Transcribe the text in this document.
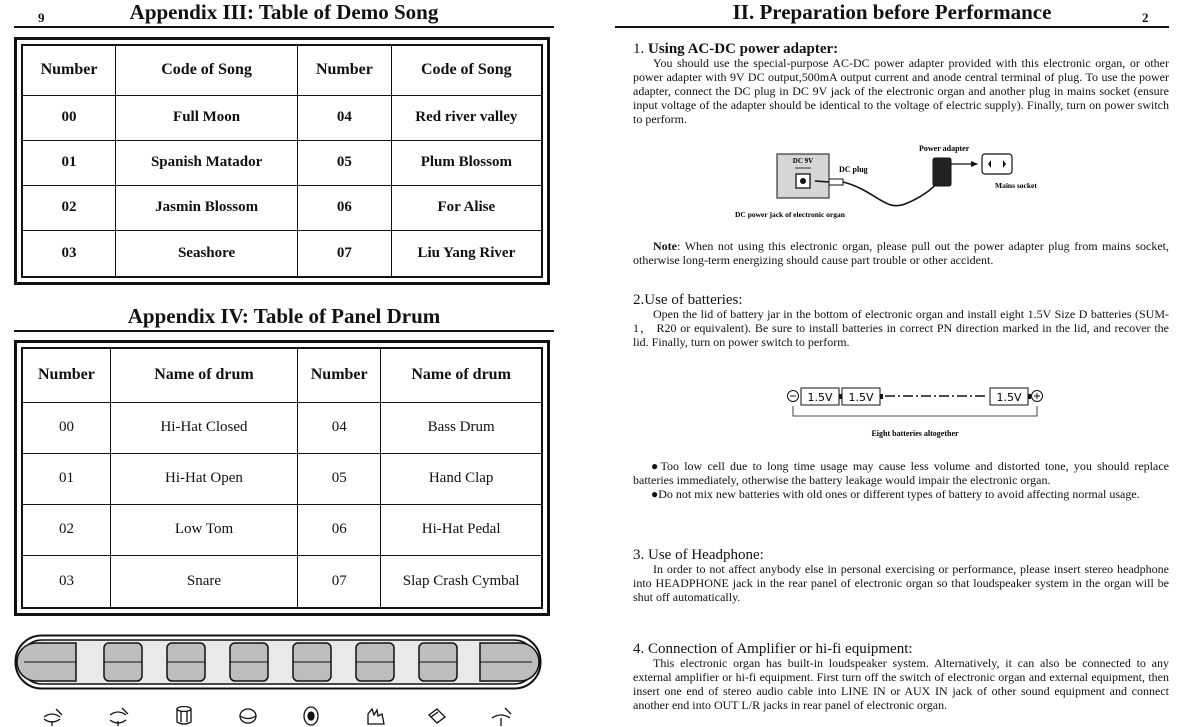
9	Appendix III: Table of Demo Song
Number	Code of Song	Number	Code of Song
00	Full Moon	04	Red river valley
01	Spanish Matador	05	Plum Blossom
02	Jasmin Blossom	06	For Alise
03	Seashore	07	Liu Yang River
Appendix IV: Table of Panel Drum
Number	Name of drum	Number	Name of drum
00	Hi-Hat Closed	04	Bass Drum
01	Hi-Hat Open	05	Hand Clap
02	Low Tom	06	Hi-Hat Pedal
03	Snare	07	Slap Crash Cymbal
II. Preparation before Performance	2
1. Using AC-DC power adapter:

You should use the special-purpose AC-DC power adapter provided with this electronic organ, or other power adapter with 9V DC output,500mA output current and anode central terminal of plug. To use the power adapter, connect the DC plug in DC 9V jack of the electronic organ and another plug in mains socket (ensure input voltage of the adapter should be identical to the voltage of electric supply). Finally, turn on power switch to perform.

DC 9V
DC plug
Power adapter
Mains socket
DC power jack of electronic organ

Note: When not using this electronic organ, please pull out the power adapter plug from mains socket, otherwise long-term energizing should cause part trouble or other accident.

2.Use of batteries:

Open the lid of battery jar in the bottom of electronic organ and install eight 1.5V Size D batteries (SUM-1， R20 or equivalent). Be sure to install batteries in correct PN direction marked in the lid, and recover the lid. Finally, turn on power switch to perform.

1.5V 1.5V	1.5V
Eight batteries altogether

●Too low cell due to long time usage may cause less volume and distorted tone, you should replace batteries immediately, otherwise the battery leakage would impair the electronic organ.

●Do not mix new batteries with old ones or different types of battery to avoid affecting normal usage.

3. Use of Headphone:

In order to not affect anybody else in personal exercising or performance, please insert stereo headphone into HEADPHONE jack in the rear panel of electronic organ so that loudspeaker system in the organ will be shut off automatically.

4. Connection of Amplifier or hi-fi equipment:

This electronic organ has built-in loudspeaker system. Alternatively, it can also be connected to any external amplifier or hi-fi equipment. First turn off the switch of electronic organ and external equipment, then insert one end of stereo audio cable into LINE IN or AUX IN jack of other sound equipment and connect another end into OUT L/R jacks in rear panel of electronic organ.
